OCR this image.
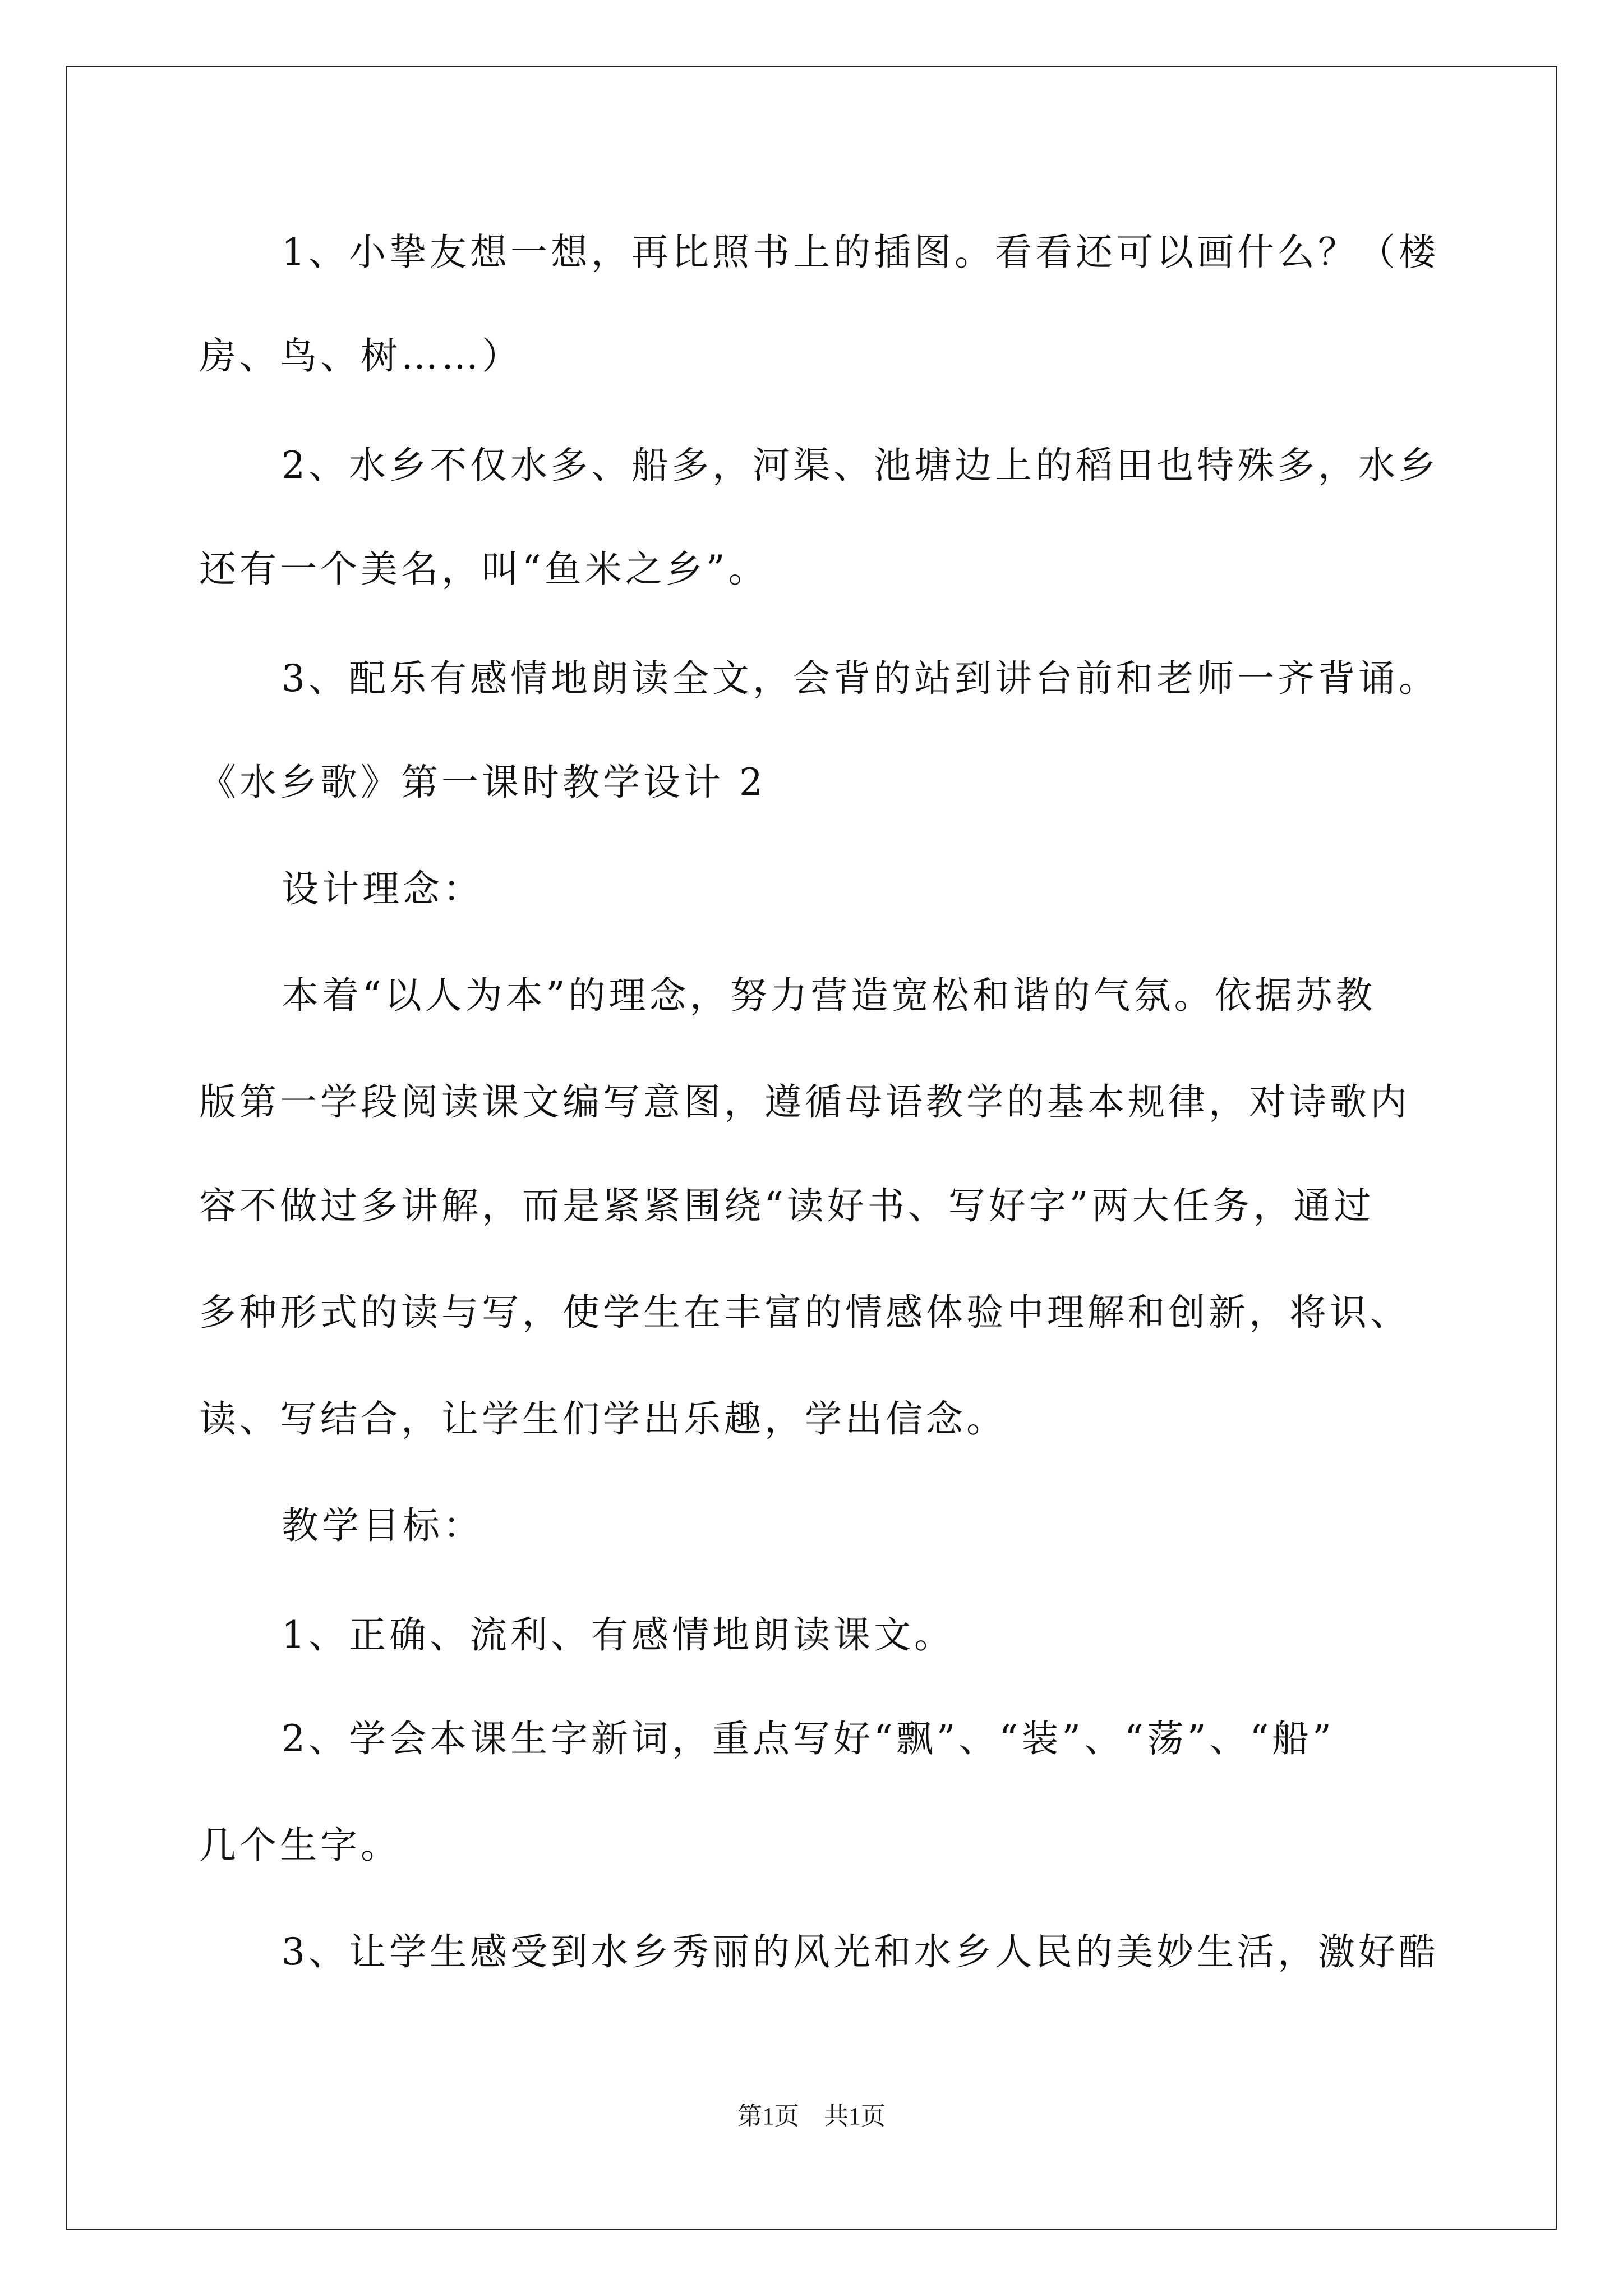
1、小挚友想一想，再比照书上的插图。看看还可以画什么？（楼
房、鸟、树……）
2、水乡不仅水多、船多，河渠、池塘边上的稻田也特殊多，水乡
还有一个美名，叫“鱼米之乡”。
3、配乐有感情地朗读全文，会背的站到讲台前和老师一齐背诵。
《水乡歌》第一课时教学设计 2
设计理念：
本着“以人为本”的理念，努力营造宽松和谐的气氛。依据苏教
版第一学段阅读课文编写意图，遵循母语教学的基本规律，对诗歌内
容不做过多讲解，而是紧紧围绕“读好书、写好字”两大任务，通过
多种形式的读与写，使学生在丰富的情感体验中理解和创新，将识、
读、写结合，让学生们学出乐趣，学出信念。
教学目标：
1、正确、流利、有感情地朗读课文。
2、学会本课生字新词，重点写好“飘”、“装”、“荡”、“船”
几个生字。
3、让学生感受到水乡秀丽的风光和水乡人民的美妙生活，激好酷
第1页　共1页
